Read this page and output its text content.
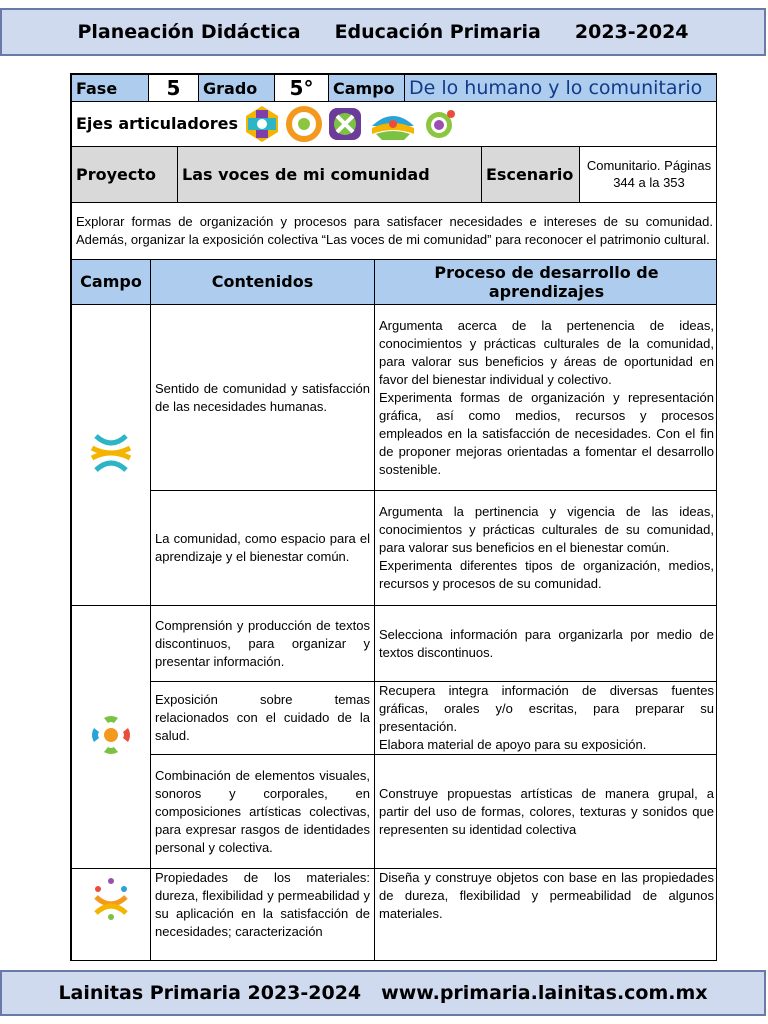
Planeación Didáctica Educación Primaria 2023-2024
Fase	5	Grado	5°	Campo	De lo humano y lo comunitario
Ejes articuladores
Proyecto	Las voces de mi comunidad	Escenario	Comunitario. Páginas 344 a la 353
Explorar formas de organización y procesos para satisfacer necesidades e intereses de su comunidad. Además, organizar la exposición colectiva “Las voces de mi comunidad” para reconocer el patrimonio cultural.
Campo	Contenidos	Proceso de desarrollo de aprendizajes
	Sentido de comunidad y satisfacción de las necesidades humanas.	Argumenta acerca de la pertenencia de ideas, conocimientos y prácticas culturales de la comunidad, para valorar sus beneficios y áreas de oportunidad en favor del bienestar individual y colectivo.
Experimenta formas de organización y representación gráfica, así como medios, recursos y procesos empleados en la satisfacción de necesidades. Con el fin de proponer mejoras orientadas a fomentar el desarrollo sostenible.
	La comunidad, como espacio para el aprendizaje y el bienestar común.	Argumenta la pertinencia y vigencia de las ideas, conocimientos y prácticas culturales de su comunidad, para valorar sus beneficios en el bienestar común.
Experimenta diferentes tipos de organización, medios, recursos y procesos de su comunidad.
	Comprensión y producción de textos discontinuos, para organizar y presentar información.	Selecciona información para organizarla por medio de textos discontinuos.
	Exposición sobre temas relacionados con el cuidado de la salud.	Recupera integra información de diversas fuentes gráficas, orales y/o escritas, para preparar su presentación.
Elabora material de apoyo para su exposición.
	Combinación de elementos visuales, sonoros y corporales, en composiciones artísticas colectivas, para expresar rasgos de identidades personal y colectiva.	Construye propuestas artísticas de manera grupal, a partir del uso de formas, colores, texturas y sonidos que representen su identidad colectiva
	Propiedades de los materiales: dureza, flexibilidad y permeabilidad y su aplicación en la satisfacción de necesidades; caracterización	Diseña y construye objetos con base en las propiedades de dureza, flexibilidad y permeabilidad de algunos materiales.
Lainitas Primaria 2023-2024 www.primaria.lainitas.com.mx
